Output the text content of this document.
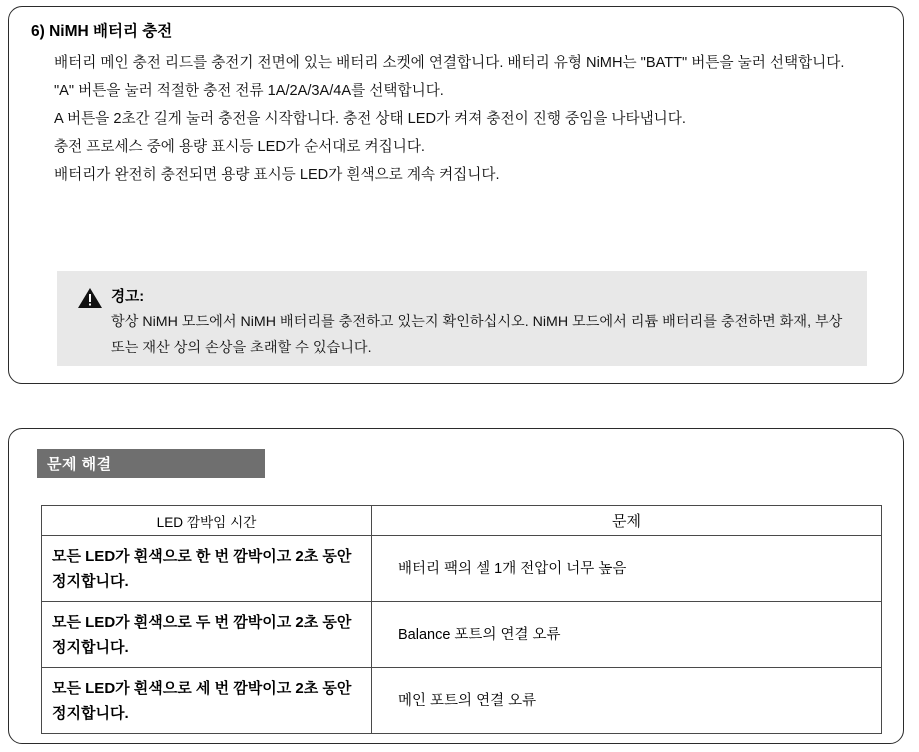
6) NiMH 배터리 충전
배터리 메인 충전 리드를 충전기 전면에 있는 배터리 소켓에 연결합니다. 배터리 유형 NiMH는 "BATT" 버튼을 눌러 선택합니다.
"A" 버튼을 눌러 적절한 충전 전류 1A/2A/3A/4A를 선택합니다.
A 버튼을 2초간 길게 눌러 충전을 시작합니다. 충전 상태 LED가 켜져 충전이 진행 중임을 나타냅니다.
충전 프로세스 중에 용량 표시등 LED가 순서대로 켜집니다.
배터리가 완전히 충전되면 용량 표시등 LED가 흰색으로 계속 켜집니다.
경고:
항상 NiMH 모드에서 NiMH 배터리를 충전하고 있는지 확인하십시오. NiMH 모드에서 리튬 배터리를 충전하면 화재, 부상 또는 재산 상의 손상을 초래할 수 있습니다.
문제 해결
LED 깜박임 시간	문제
모든 LED가 흰색으로 한 번 깜박이고 2초 동안 정지합니다.	배터리 팩의 셀 1개 전압이 너무 높음
모든 LED가 흰색으로 두 번 깜박이고 2초 동안 정지합니다.	Balance 포트의 연결 오류
모든 LED가 흰색으로 세 번 깜박이고 2초 동안 정지합니다.	메인 포트의 연결 오류
